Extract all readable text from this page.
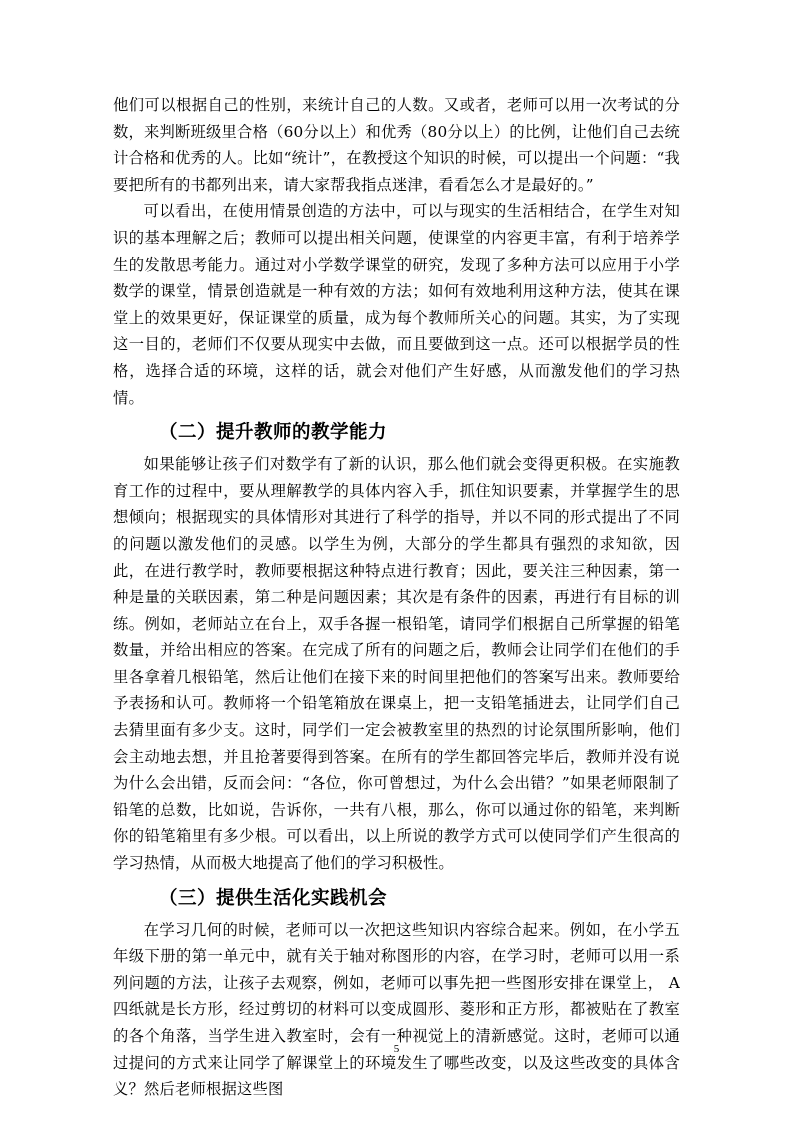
他们可以根据自己的性别，来统计自己的人数。又或者，老师可以用一次考试的分数，来判断班级里合格（60分以上）和优秀（80分以上）的比例，让他们自己去统计合格和优秀的人。比如“统计”，在教授这个知识的时候，可以提出一个问题：“我要把所有的书都列出来，请大家帮我指点迷津，看看怎么才是最好的。”

可以看出，在使用情景创造的方法中，可以与现实的生活相结合，在学生对知识的基本理解之后；教师可以提出相关问题，使课堂的内容更丰富，有利于培养学生的发散思考能力。通过对小学数学课堂的研究，发现了多种方法可以应用于小学数学的课堂，情景创造就是一种有效的方法；如何有效地利用这种方法，使其在课堂上的效果更好，保证课堂的质量，成为每个教师所关心的问题。其实，为了实现这一目的，老师们不仅要从现实中去做，而且要做到这一点。还可以根据学员的性格，选择合适的环境，这样的话，就会对他们产生好感，从而激发他们的学习热情。

（二）提升教师的教学能力

如果能够让孩子们对数学有了新的认识，那么他们就会变得更积极。在实施教育工作的过程中，要从理解教学的具体内容入手，抓住知识要素，并掌握学生的思想倾向；根据现实的具体情形对其进行了科学的指导，并以不同的形式提出了不同的问题以激发他们的灵感。以学生为例，大部分的学生都具有强烈的求知欲，因此，在进行教学时，教师要根据这种特点进行教育；因此，要关注三种因素，第一种是量的关联因素，第二种是问题因素；其次是有条件的因素，再进行有目标的训练。例如，老师站立在台上，双手各握一根铅笔，请同学们根据自己所掌握的铅笔数量，并给出相应的答案。在完成了所有的问题之后，教师会让同学们在他们的手里各拿着几根铅笔，然后让他们在接下来的时间里把他们的答案写出来。教师要给予表扬和认可。教师将一个铅笔箱放在课桌上，把一支铅笔插进去，让同学们自己去猜里面有多少支。这时，同学们一定会被教室里的热烈的讨论氛围所影响，他们会主动地去想，并且抢著要得到答案。在所有的学生都回答完毕后，教师并没有说为什么会出错，反而会问：“各位，你可曾想过，为什么会出错？”如果老师限制了铅笔的总数，比如说，告诉你，一共有八根，那么，你可以通过你的铅笔，来判断你的铅笔箱里有多少根。可以看出，以上所说的教学方式可以使同学们产生很高的学习热情，从而极大地提高了他们的学习积极性。

（三）提供生活化实践机会

在学习几何的时候，老师可以一次把这些知识内容综合起来。例如，在小学五年级下册的第一单元中，就有关于轴对称图形的内容，在学习时，老师可以用一系列问题的方法，让孩子去观察，例如，老师可以事先把一些图形安排在课堂上， A四纸就是长方形，经过剪切的材料可以变成圆形、菱形和正方形，都被贴在了教室的各个角落，当学生进入教室时，会有一种视觉上的清新感觉。这时，老师可以通过提问的方式来让同学了解课堂上的环境发生了哪些改变，以及这些改变的具体含义？然后老师根据这些图

5
